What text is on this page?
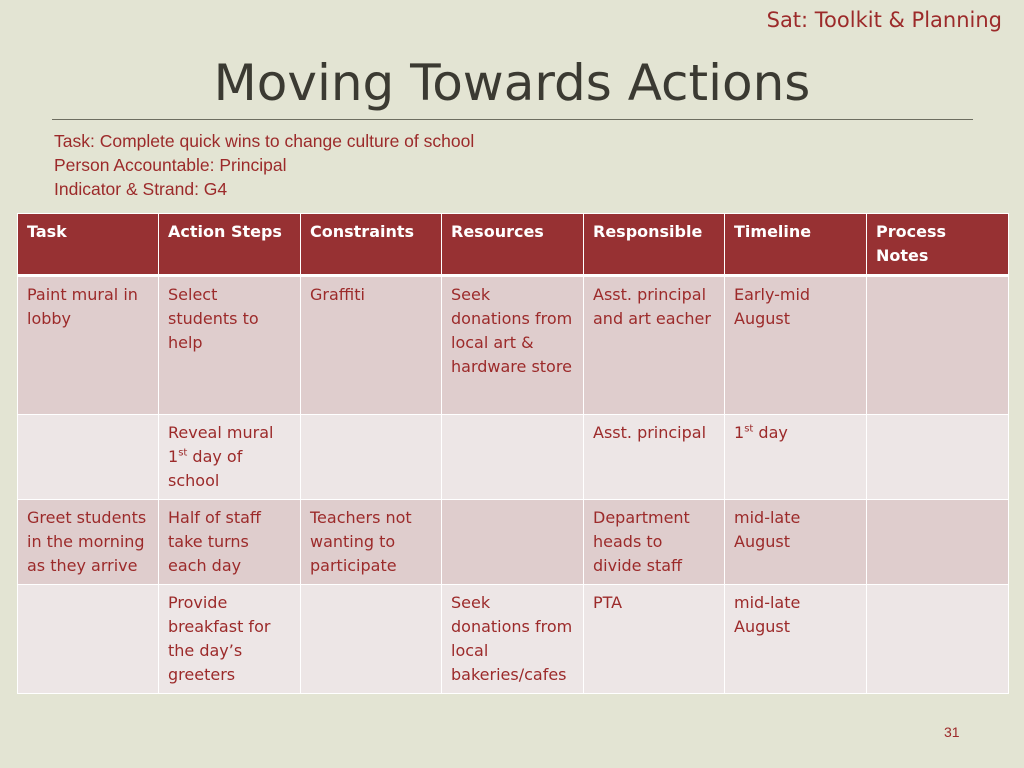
Sat: Toolkit & Planning
Moving Towards Actions
Task: Complete quick wins to change culture of school
Person Accountable: Principal
Indicator & Strand: G4
Task	Action Steps	Constraints	Resources	Responsible	Timeline	Process Notes
Paint mural in lobby	Select students to help	Graffiti	Seek donations from local art & hardware store	Asst. principal and art eacher	Early-mid August	
	Reveal mural 1st day of school			Asst. principal	1st day	
Greet students in the morning as they arrive	Half of staff take turns each day	Teachers not wanting to participate		Department heads to divide staff	mid-late August	
	Provide breakfast for the day’s greeters		Seek donations from local bakeries/cafes	PTA	mid-late August	
31
